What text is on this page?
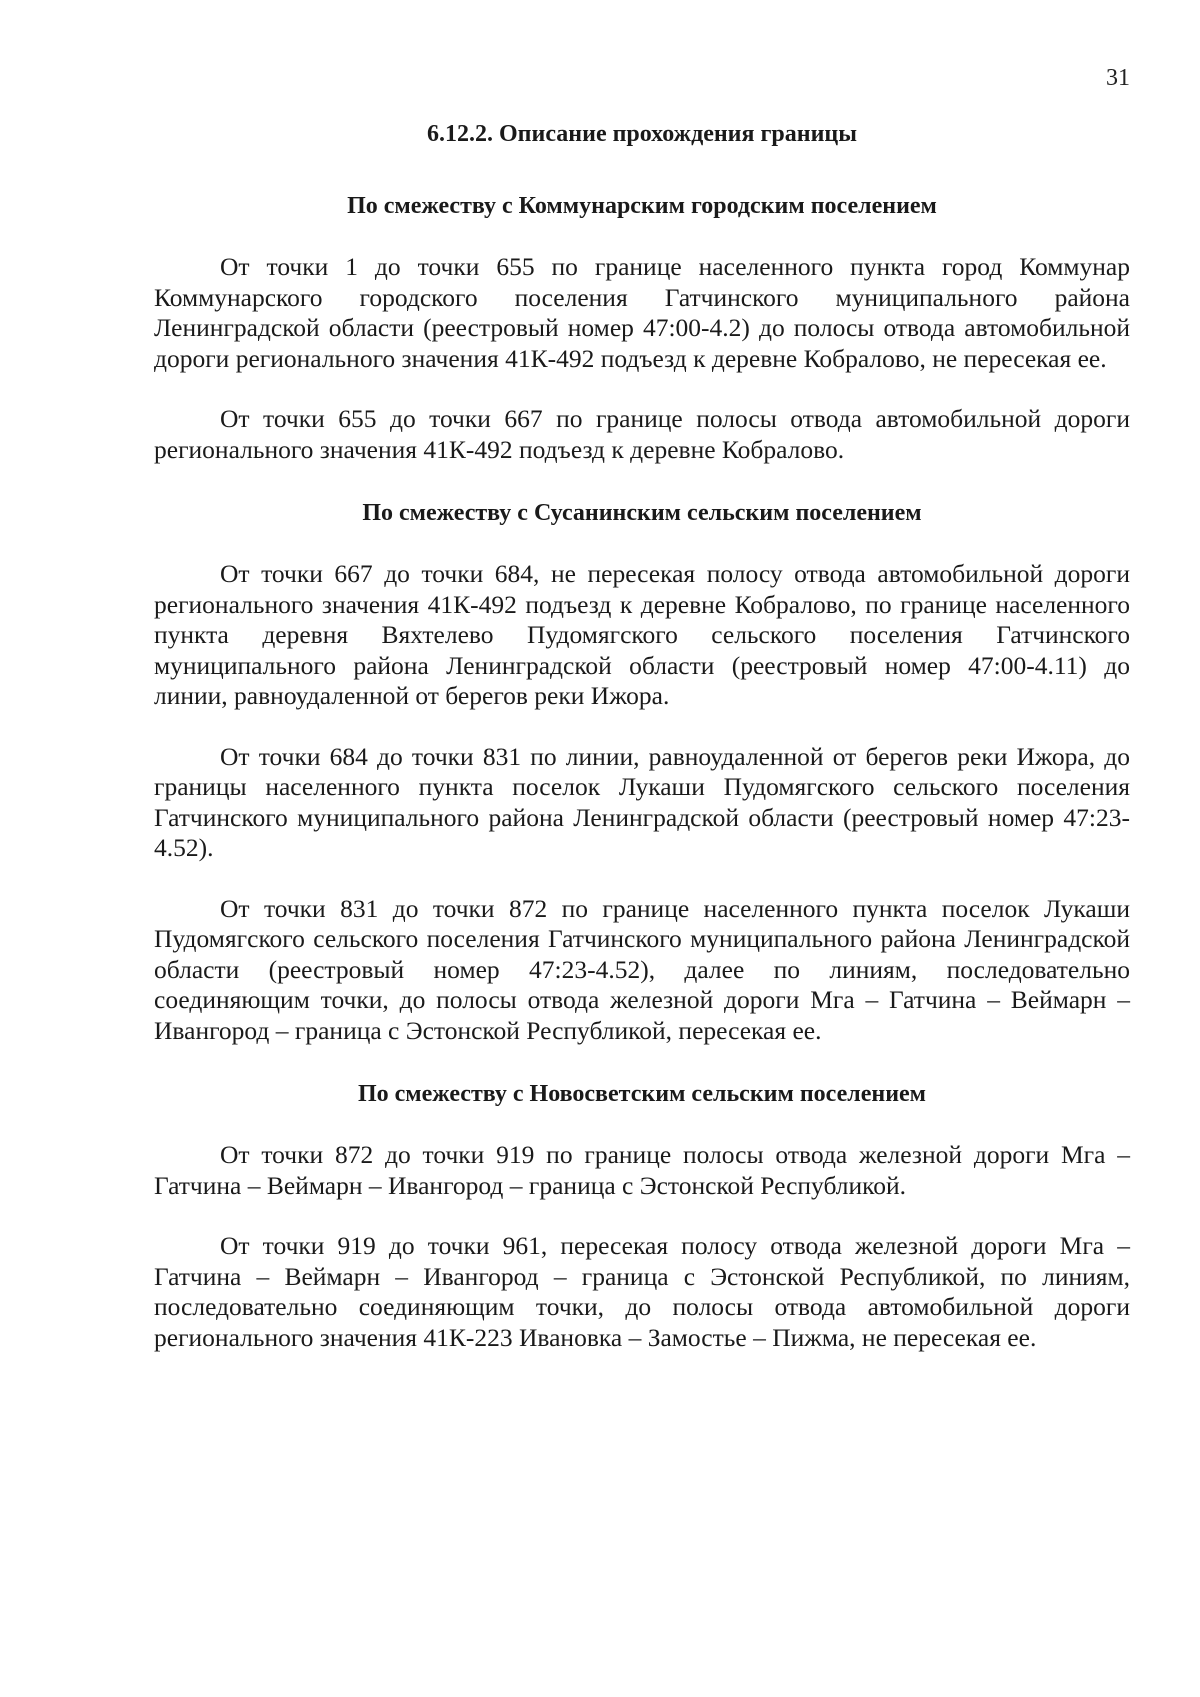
31
6.12.2. Описание прохождения границы
По смежеству с Коммунарским городским поселением

От точки 1 до точки 655 по границе населенного пункта город Коммунар Коммунарского городского поселения Гатчинского муниципального района Ленинградской области (реестровый номер 47:00-4.2) до полосы отвода автомобильной дороги регионального значения 41К-492 подъезд к деревне Кобралово, не пересекая ее.

От точки 655 до точки 667 по границе полосы отвода автомобильной дороги регионального значения 41К-492 подъезд к деревне Кобралово.

По смежеству с Сусанинским сельским поселением

От точки 667 до точки 684, не пересекая полосу отвода автомобильной дороги регионального значения 41К-492 подъезд к деревне Кобралово, по границе населенного пункта деревня Вяхтелево Пудомягского сельского поселения Гатчинского муниципального района Ленинградской области (реестровый номер 47:00-4.11) до линии, равноудаленной от берегов реки Ижора.

От точки 684 до точки 831 по линии, равноудаленной от берегов реки Ижора, до границы населенного пункта поселок Лукаши Пудомягского сельского поселения Гатчинского муниципального района Ленинградской области (реестровый номер 47:23-4.52).

От точки 831 до точки 872 по границе населенного пункта поселок Лукаши Пудомягского сельского поселения Гатчинского муниципального района Ленинградской области (реестровый номер 47:23-4.52), далее по линиям, последовательно соединяющим точки, до полосы отвода железной дороги Мга – Гатчина – Веймарн – Ивангород – граница с Эстонской Республикой, пересекая ее.

По смежеству с Новосветским сельским поселением

От точки 872 до точки 919 по границе полосы отвода железной дороги Мга – Гатчина – Веймарн – Ивангород – граница с Эстонской Республикой.

От точки 919 до точки 961, пересекая полосу отвода железной дороги Мга – Гатчина – Веймарн – Ивангород – граница с Эстонской Республикой, по линиям, последовательно соединяющим точки, до полосы отвода автомобильной дороги регионального значения 41К-223 Ивановка – Замостье – Пижма, не пересекая ее.
